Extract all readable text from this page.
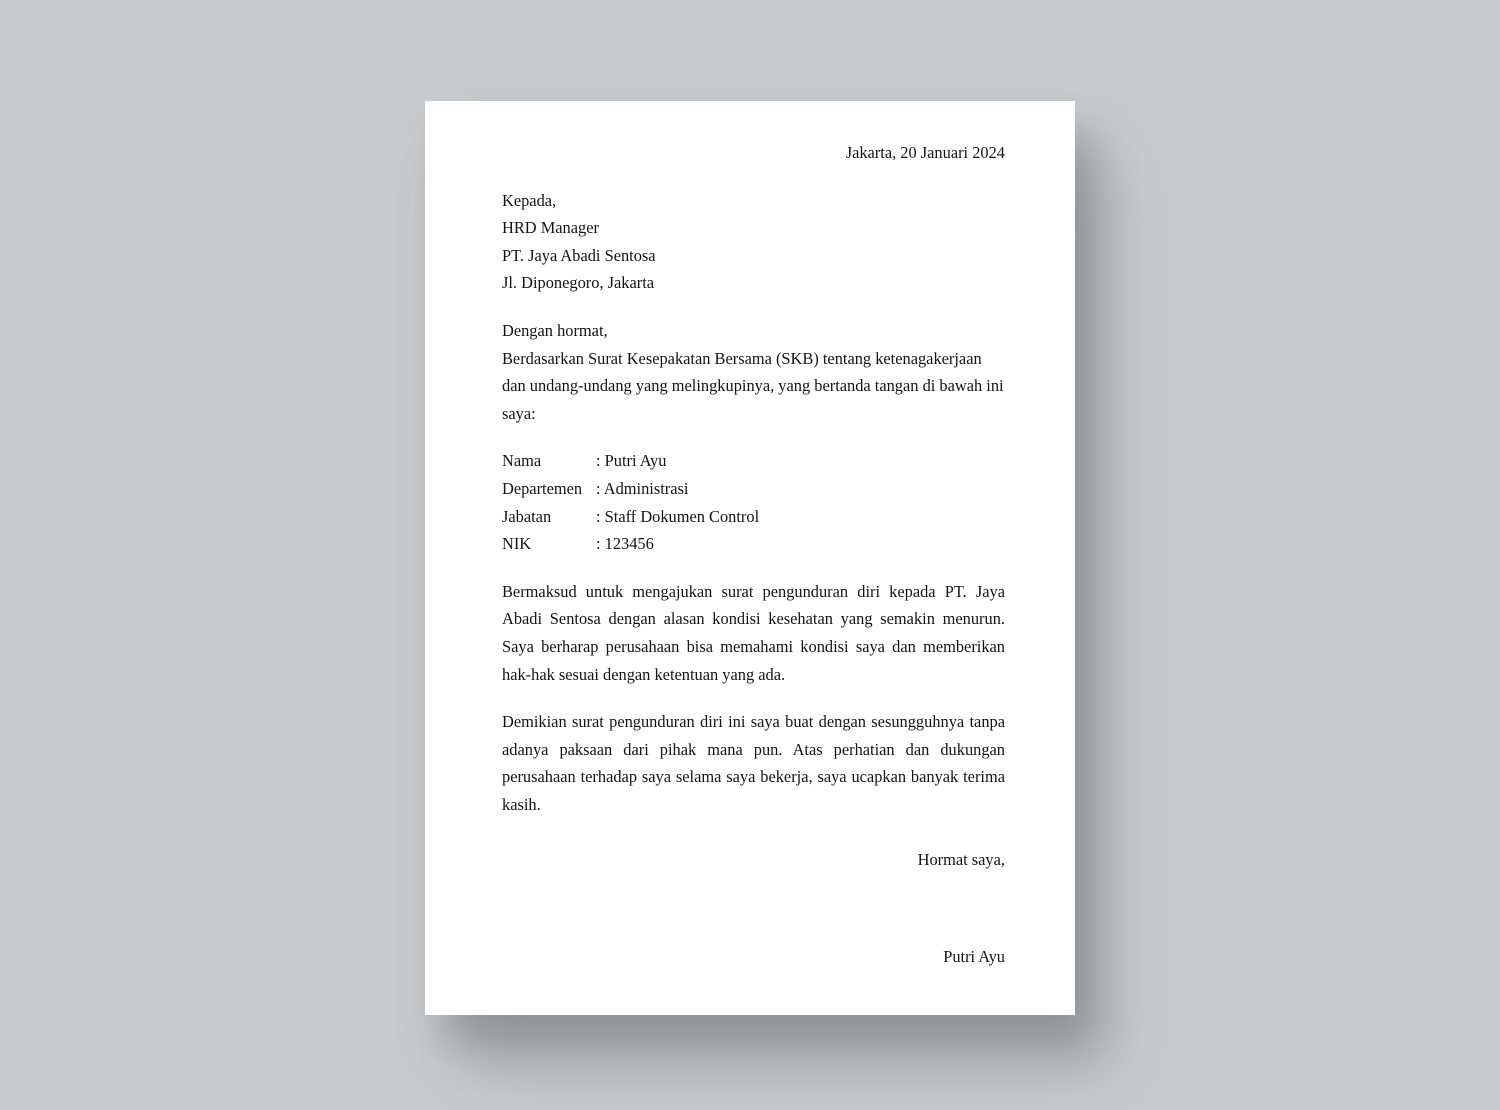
Jakarta, 20 Januari 2024
Kepada,
HRD Manager
PT. Jaya Abadi Sentosa
Jl. Diponegoro, Jakarta
Dengan hormat,
Berdasarkan Surat Kesepakatan Bersama (SKB) tentang ketenagakerjaan dan undang-undang yang melingkupinya, yang bertanda tangan di bawah ini saya:
Nama	: Putri Ayu
Departemen	: Administrasi
Jabatan	: Staff Dokumen Control
NIK	: 123456
Bermaksud untuk mengajukan surat pengunduran diri kepada PT. Jaya Abadi Sentosa dengan alasan kondisi kesehatan yang semakin menurun. Saya berharap perusahaan bisa memahami kondisi saya dan memberikan hak-hak sesuai dengan ketentuan yang ada.
Demikian surat pengunduran diri ini saya buat dengan sesungguhnya tanpa adanya paksaan dari pihak mana pun. Atas perhatian dan dukungan perusahaan terhadap saya selama saya bekerja, saya ucapkan banyak terima kasih.
Hormat saya,
Putri Ayu
